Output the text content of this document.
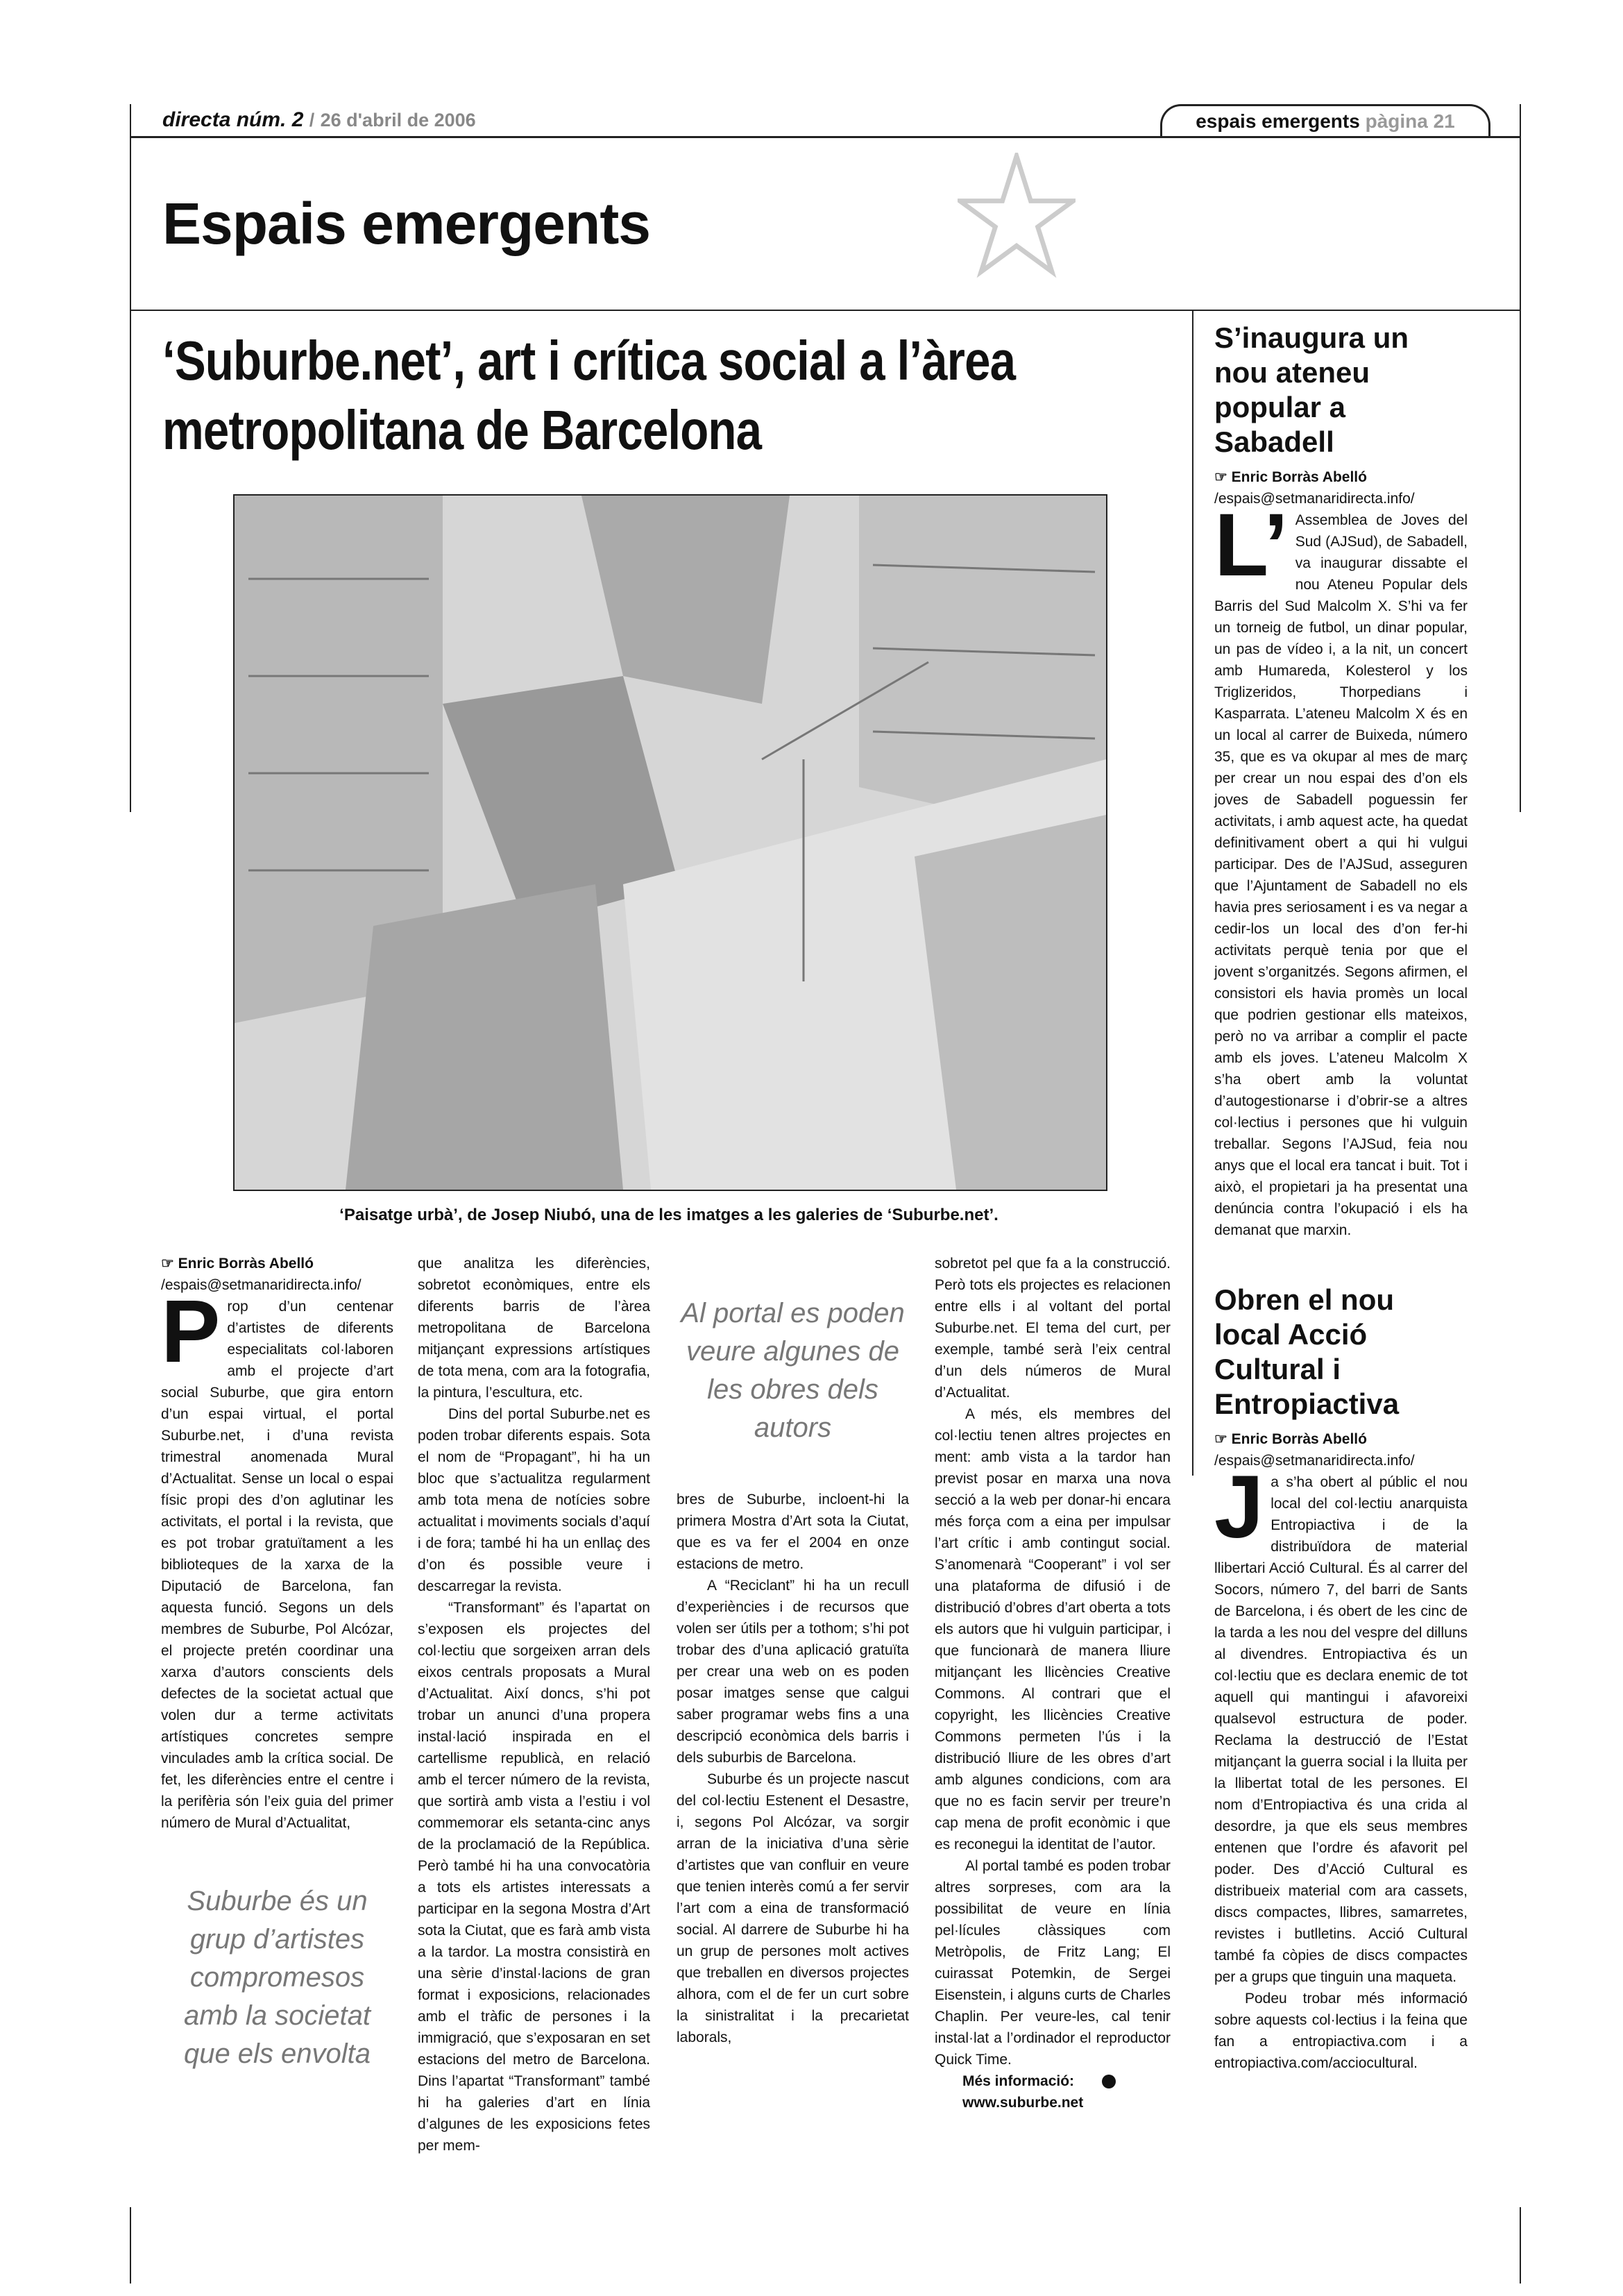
directa núm. 2 / 26 d'abril de 2006	espais emergents pàgina 21
Espais emergents
‘Suburbe.net’, art i crítica social a l’àrea metropolitana de Barcelona
‘Paisatge urbà’, de Josep Niubó, una de les imatges a les galeries de ‘Suburbe.net’.
☞ Enric Borràs Abelló
/espais@setmanaridirecta.info/

Prop d’un centenar d’artistes de diferents especialitats col·laboren amb el projecte d’art social Suburbe, que gira entorn d’un espai virtual, el portal Suburbe.net, i d’una revista trimestral anomenada Mural d’Actualitat. Sense un local o espai físic propi des d’on aglutinar les activitats, el portal i la revista, que es pot trobar gratuïtament a les biblioteques de la xarxa de la Diputació de Barcelona, fan aquesta funció. Segons un dels membres de Suburbe, Pol Alcózar, el projecte pretén coordinar una xarxa d’autors conscients dels defectes de la societat actual que volen dur a terme activitats artístiques concretes sempre vinculades amb la crítica social. De fet, les diferències entre el centre i la perifèria són l’eix guia del primer número de Mural d’Actualitat,

Suburbe és un grup d’artistes compromesos amb la societat que els envolta

que analitza les diferències, sobretot econòmiques, entre els diferents barris de l’àrea metropolitana de Barcelona mitjançant expressions artístiques de tota mena, com ara la fotografia, la pintura, l’escultura, etc.

Dins del portal Suburbe.net es poden trobar diferents espais. Sota el nom de “Propagant”, hi ha un bloc que s’actualitza regularment amb tota mena de notícies sobre actualitat i moviments socials d’aquí i de fora; també hi ha un enllaç des d’on és possible veure i descarregar la revista.

“Transformant” és l’apartat on s’exposen els projectes del col·lectiu que sorgeixen arran dels eixos centrals proposats a Mural d’Actualitat. Així doncs, s’hi pot trobar un anunci d’una propera instal·lació inspirada en el cartellisme republicà, en relació amb el tercer número de la revista, que sortirà amb vista a l’estiu i vol commemorar els setanta-cinc anys de la proclamació de la República. Però també hi ha una convocatòria a tots els artistes interessats a participar en la segona Mostra d’Art sota la Ciutat, que es farà amb vista a la tardor. La mostra consistirà en una sèrie d’instal·lacions de gran format i exposicions, relacionades amb el tràfic de persones i la immigració, que s’exposaran en set estacions del metro de Barcelona. Dins l’apartat “Transformant” també hi ha galeries d’art en línia d’algunes de les exposicions fetes per mem-

Al portal es poden veure algunes de les obres dels autors

bres de Suburbe, incloent-hi la primera Mostra d’Art sota la Ciutat, que es va fer el 2004 en onze estacions de metro.

A “Reciclant” hi ha un recull d’experiències i de recursos que volen ser útils per a tothom; s’hi pot trobar des d’una aplicació gratuïta per crear una web on es poden posar imatges sense que calgui saber programar webs fins a una descripció econòmica dels barris i dels suburbis de Barcelona.

Suburbe és un projecte nascut del col·lectiu Estenent el Desastre, i, segons Pol Alcózar, va sorgir arran de la iniciativa d’una sèrie d’artistes que van confluir en veure que tenien interès comú a fer servir l’art com a eina de transformació social. Al darrere de Suburbe hi ha un grup de persones molt actives que treballen en diversos projectes alhora, com el de fer un curt sobre la sinistralitat i la precarietat laborals,

sobretot pel que fa a la construcció. Però tots els projectes es relacionen entre ells i al voltant del portal Suburbe.net. El tema del curt, per exemple, també serà l’eix central d’un dels números de Mural d’Actualitat.

A més, els membres del col·lectiu tenen altres projectes en ment: amb vista a la tardor han previst posar en marxa una nova secció a la web per donar-hi encara més força com a eina per impulsar l’art crític i amb contingut social. S’anomenarà “Cooperant” i vol ser una plataforma de difusió i de distribució d’obres d’art oberta a tots els autors que hi vulguin participar, i que funcionarà de manera lliure mitjançant les llicències Creative Commons. Al contrari que el copyright, les llicències Creative Commons permeten l’ús i la distribució lliure de les obres d’art amb algunes condicions, com ara que no es facin servir per treure’n cap mena de profit econòmic i que es reconegui la identitat de l’autor.

Al portal també es poden trobar altres sorpreses, com ara la possibilitat de veure en línia pel·lícules clàssiques com Metròpolis, de Fritz Lang; El cuirassat Potemkin, de Sergei Eisenstein, i alguns curts de Charles Chaplin. Per veure-les, cal tenir instal·lat a l’ordinador el reproductor Quick Time.

Més informació:

www.suburbe.net

S’inaugura un nou ateneu popular a Sabadell
☞ Enric Borràs Abelló
/espais@setmanaridirecta.info/

L’ Assemblea de Joves del Sud (AJSud), de Sabadell, va inaugurar dissabte el nou Ateneu Popular dels Barris del Sud Malcolm X. S’hi va fer un torneig de futbol, un dinar popular, un pas de vídeo i, a la nit, un concert amb Humareda, Kolesterol y los Triglizeridos, Thorpedians i Kasparrata. L’ateneu Malcolm X és en un local al carrer de Buixeda, número 35, que es va okupar al mes de març per crear un nou espai des d’on els joves de Sabadell poguessin fer activitats, i amb aquest acte, ha quedat definitivament obert a qui hi vulgui participar. Des de l’AJSud, asseguren que l’Ajuntament de Sabadell no els havia pres seriosament i es va negar a cedir-los un local des d’on fer-hi activitats perquè tenia por que el jovent s’organitzés. Segons afirmen, el consistori els havia promès un local que podrien gestionar ells mateixos, però no va arribar a complir el pacte amb els joves. L’ateneu Malcolm X s’ha obert amb la voluntat d’autogestionarse i d’obrir-se a altres col·lectius i persones que hi vulguin treballar. Segons l’AJSud, feia nou anys que el local era tancat i buit. Tot i això, el propietari ja ha presentat una denúncia contra l’okupació i els ha demanat que marxin.

Obren el nou local Acció Cultural i Entropiactiva
☞ Enric Borràs Abelló
/espais@setmanaridirecta.info/

Ja s’ha obert al públic el nou local del col·lectiu anarquista Entropiactiva i de la distribuïdora de material llibertari Acció Cultural. És al carrer del Socors, número 7, del barri de Sants de Barcelona, i és obert de les cinc de la tarda a les nou del vespre del dilluns al divendres. Entropiactiva és un col·lectiu que es declara enemic de tot aquell qui mantingui i afavoreixi qualsevol estructura de poder. Reclama la destrucció de l’Estat mitjançant la guerra social i la lluita per la llibertat total de les persones. El nom d’Entropiactiva és una crida al desordre, ja que els seus membres entenen que l’ordre és afavorit pel poder. Des d’Acció Cultural es distribueix material com ara cassets, discs compactes, llibres, samarretes, revistes i butlletins. Acció Cultural també fa còpies de discs compactes per a grups que tinguin una maqueta.

Podeu trobar més informació sobre aquests col·lectius i la feina que fan a entropiactiva.com i a entropiactiva.com/acciocultural.
